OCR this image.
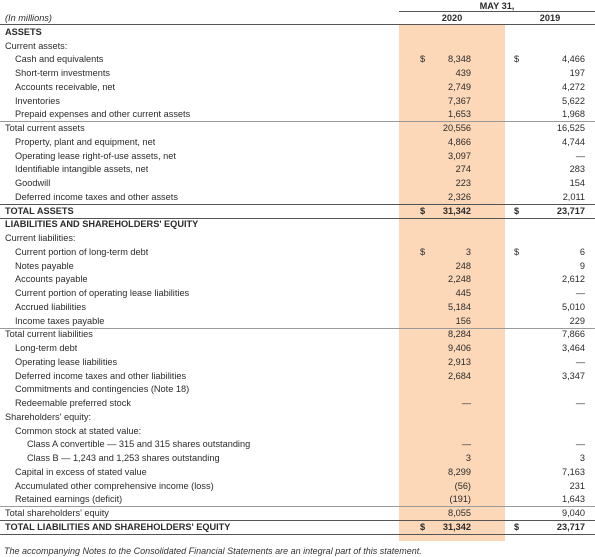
MAY 31,
(In millions)	2020	2019
ASSETS
Current assets:
Cash and equivalents	$	8,348	$	4,466
Short-term investments	439	197
Accounts receivable, net	2,749	4,272
Inventories	7,367	5,622
Prepaid expenses and other current assets	1,653	1,968
Total current assets	20,556	16,525
Property, plant and equipment, net	4,866	4,744
Operating lease right-of-use assets, net	3,097	—
Identifiable intangible assets, net	274	283
Goodwill	223	154
Deferred income taxes and other assets	2,326	2,011
TOTAL ASSETS	$	31,342	$	23,717
LIABILITIES AND SHAREHOLDERS' EQUITY
Current liabilities:
Current portion of long-term debt	$	3	$	6
Notes payable	248	9
Accounts payable	2,248	2,612
Current portion of operating lease liabilities	445	—
Accrued liabilities	5,184	5,010
Income taxes payable	156	229
Total current liabilities	8,284	7,866
Long-term debt	9,406	3,464
Operating lease liabilities	2,913	—
Deferred income taxes and other liabilities	2,684	3,347
Commitments and contingencies (Note 18)
Redeemable preferred stock	—	—
Shareholders' equity:
Common stock at stated value:
Class A convertible — 315 and 315 shares outstanding	—	—
Class B — 1,243 and 1,253 shares outstanding	3	3
Capital in excess of stated value	8,299	7,163
Accumulated other comprehensive income (loss)	(56)	231
Retained earnings (deficit)	(191)	1,643
Total shareholders' equity	8,055	9,040
TOTAL LIABILITIES AND SHAREHOLDERS' EQUITY	$	31,342	$	23,717
The accompanying Notes to the Consolidated Financial Statements are an integral part of this statement.
